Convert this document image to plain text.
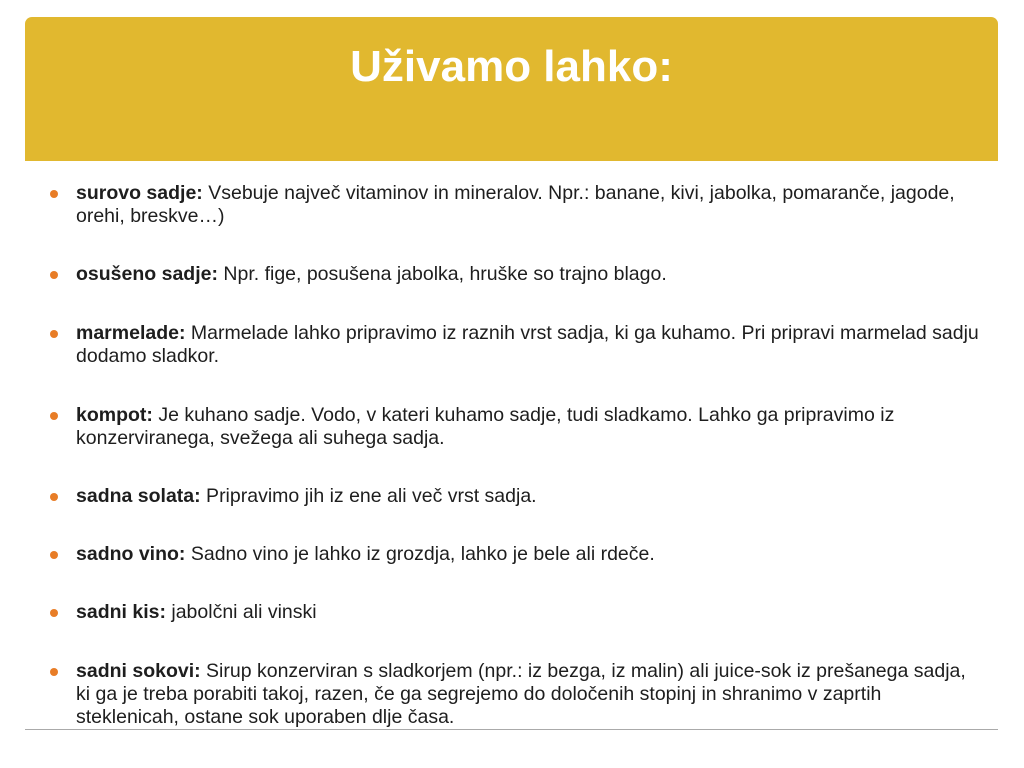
Uživamo lahko:
surovo sadje: Vsebuje največ vitaminov in mineralov. Npr.: banane, kivi, jabolka, pomaranče, jagode, orehi, breskve…)
osušeno sadje: Npr. fige, posušena jabolka, hruške so trajno blago.
marmelade: Marmelade lahko pripravimo iz raznih vrst sadja, ki ga kuhamo. Pri pripravi marmelad sadju dodamo sladkor.
kompot: Je kuhano sadje. Vodo, v kateri kuhamo sadje, tudi sladkamo. Lahko ga pripravimo iz konzerviranega, svežega ali suhega sadja.
sadna solata: Pripravimo jih iz ene ali več vrst sadja.
sadno vino: Sadno vino je lahko iz grozdja, lahko je bele ali rdeče.
sadni kis: jabolčni ali vinski
sadni sokovi: Sirup konzerviran s sladkorjem (npr.: iz bezga, iz malin) ali juice-sok iz prešanega sadja, ki ga je treba porabiti takoj, razen, če ga segrejemo do določenih stopinj in shranimo v zaprtih steklenicah, ostane sok uporaben dlje časa.
